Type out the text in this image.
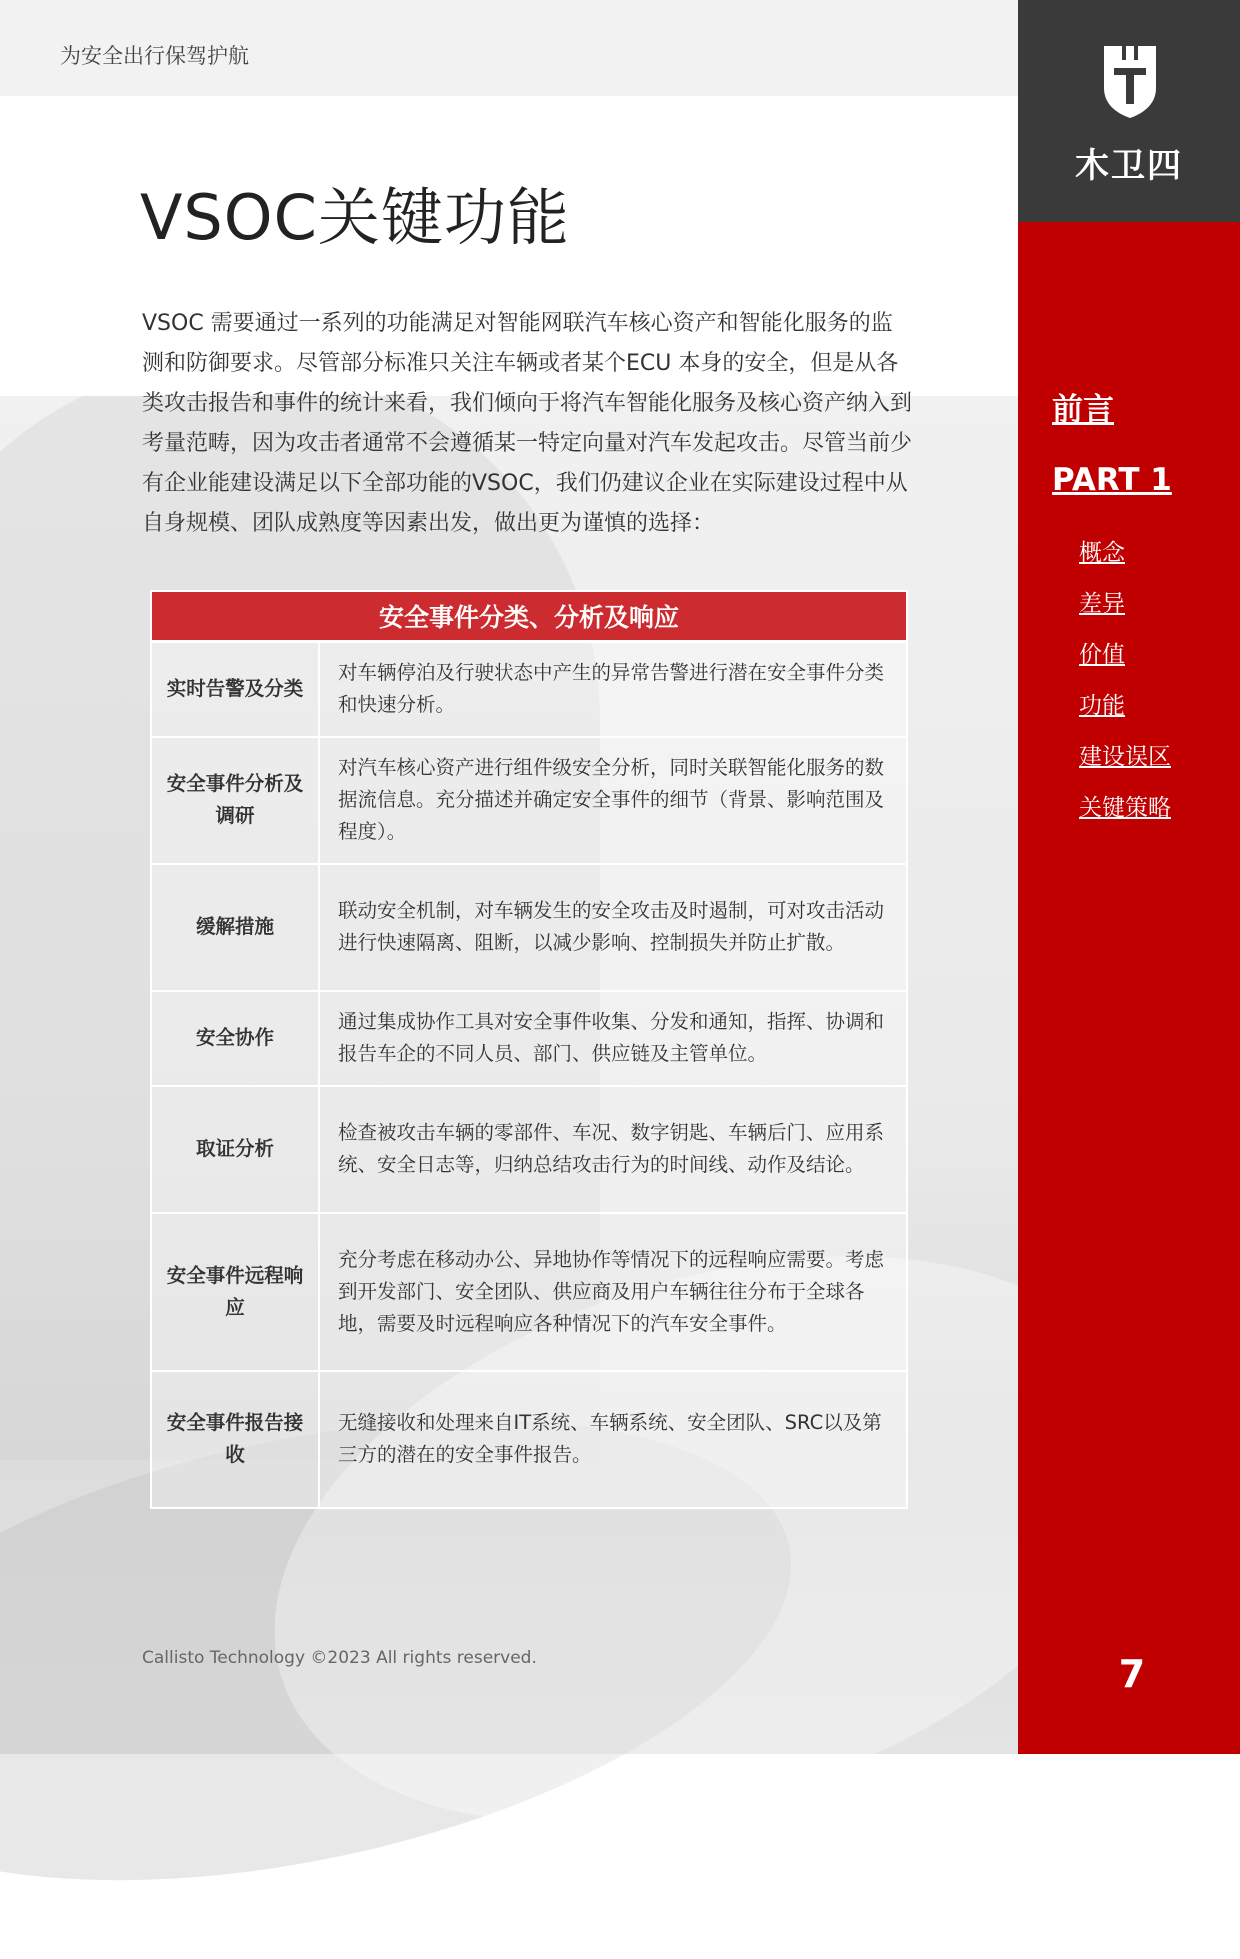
为安全出行保驾护航
VSOC关键功能

VSOC 需要通过一系列的功能满足对智能网联汽车核心资产和智能化服务的监测和防御要求。尽管部分标准只关注车辆或者某个ECU 本身的安全，但是从各类攻击报告和事件的统计来看，我们倾向于将汽车智能化服务及核心资产纳入到考量范畴，因为攻击者通常不会遵循某一特定向量对汽车发起攻击。尽管当前少有企业能建设满足以下全部功能的VSOC，我们仍建议企业在实际建设过程中从自身规模、团队成熟度等因素出发，做出更为谨慎的选择：

安全事件分类、分析及响应	
实时告警及分类	对车辆停泊及行驶状态中产生的异常告警进行潜在安全事件分类和快速分析。
安全事件分析及调研	对汽车核心资产进行组件级安全分析，同时关联智能化服务的数据流信息。充分描述并确定安全事件的细节（背景、影响范围及程度）。
缓解措施	联动安全机制，对车辆发生的安全攻击及时遏制，可对攻击活动进行快速隔离、阻断，以减少影响、控制损失并防止扩散。
安全协作	通过集成协作工具对安全事件收集、分发和通知，指挥、协调和报告车企的不同人员、部门、供应链及主管单位。
取证分析	检查被攻击车辆的零部件、车况、数字钥匙、车辆后门、应用系统、安全日志等，归纳总结攻击行为的时间线、动作及结论。
安全事件远程响应	充分考虑在移动办公、异地协作等情况下的远程响应需要。考虑到开发部门、安全团队、供应商及用户车辆往往分布于全球各地，需要及时远程响应各种情况下的汽车安全事件。
安全事件报告接收	无缝接收和处理来自IT系统、车辆系统、安全团队、SRC以及第三方的潜在的安全事件报告。
Callisto Technology ©2023 All rights reserved.
木卫四
前言
PART 1
概念
差异
价值
功能
建设误区
关键策略
7
